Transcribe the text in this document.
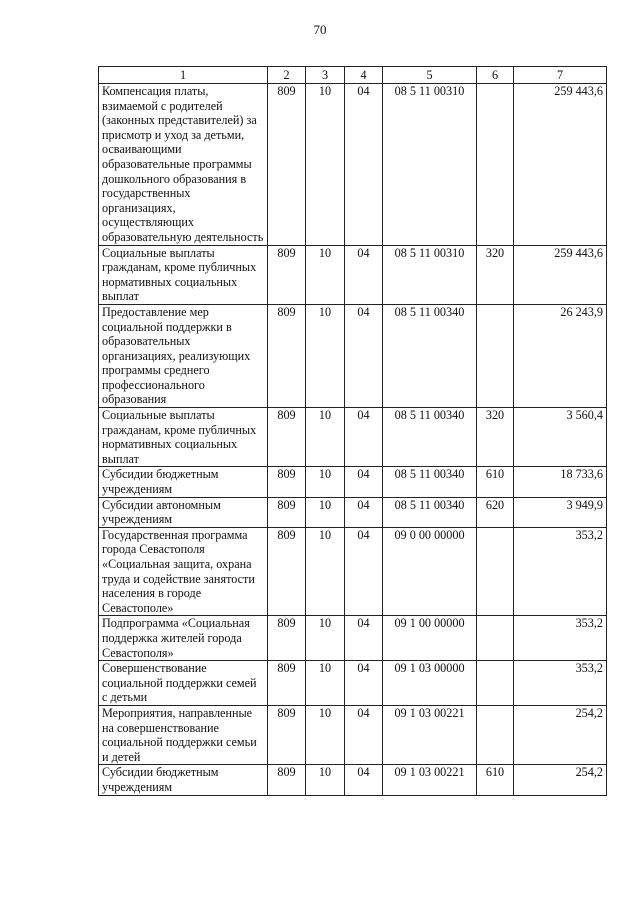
70
1	2	3	4	5	6	7
Компенсация платы, взимаемой с родителей (законных представителей) за присмотр и уход за детьми, осваивающими образовательные программы дошкольного образования в государственных организациях, осуществляющих образовательную деятельность	809	10	04	08 5 11 00310		259 443,6
Социальные выплаты гражданам, кроме публичных нормативных социальных выплат	809	10	04	08 5 11 00310	320	259 443,6
Предоставление мер социальной поддержки в образовательных организациях, реализующих программы среднего профессионального образования	809	10	04	08 5 11 00340		26 243,9
Социальные выплаты гражданам, кроме публичных нормативных социальных выплат	809	10	04	08 5 11 00340	320	3 560,4
Субсидии бюджетным учреждениям	809	10	04	08 5 11 00340	610	18 733,6
Субсидии автономным учреждениям	809	10	04	08 5 11 00340	620	3 949,9
Государственная программа города Севастополя «Социальная защита, охрана труда и содействие занятости населения в городе Севастополе»	809	10	04	09 0 00 00000		353,2
Подпрограмма «Социальная поддержка жителей города Севастополя»	809	10	04	09 1 00 00000		353,2
Совершенствование социальной поддержки семей с детьми	809	10	04	09 1 03 00000		353,2
Мероприятия, направленные на совершенствование социальной поддержки семьи и детей	809	10	04	09 1 03 00221		254,2
Субсидии бюджетным учреждениям	809	10	04	09 1 03 00221	610	254,2
